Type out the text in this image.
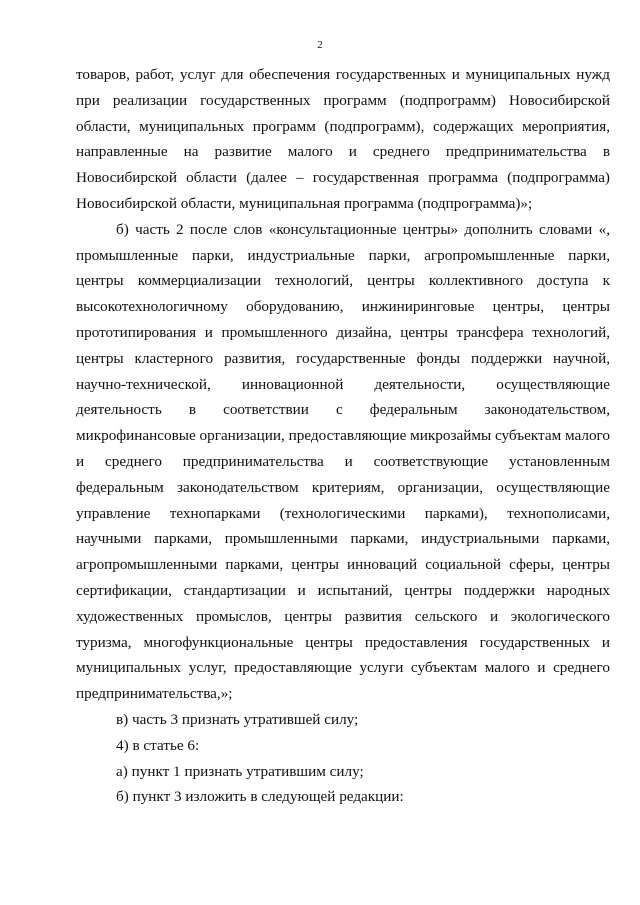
2

товаров, работ, услуг для обеспечения государственных и муниципальных нужд при реализации государственных программ (подпрограмм) Новосибирской области, муниципальных программ (подпрограмм), содержащих мероприятия, направленные на развитие малого и среднего предпринимательства в Новосибирской области (далее – государственная программа (подпрограмма) Новосибирской области, муниципальная программа (подпрограмма)»;

б) часть 2 после слов «консультационные центры» дополнить словами «, промышленные парки, индустриальные парки, агропромышленные парки, центры коммерциализации технологий, центры коллективного доступа к высокотехнологичному оборудованию, инжиниринговые центры, центры прототипирования и промышленного дизайна, центры трансфера технологий, центры кластерного развития, государственные фонды поддержки научной, научно-технической, инновационной деятельности, осуществляющие деятельность в соответствии с федеральным законодательством, микрофинансовые организации, предоставляющие микрозаймы субъектам малого и среднего предпринимательства и соответствующие установленным федеральным законодательством критериям, организации, осуществляющие управление технопарками (технологическими парками), технополисами, научными парками, промышленными парками, индустриальными парками, агропромышленными парками, центры инноваций социальной сферы, центры сертификации, стандартизации и испытаний, центры поддержки народных художественных промыслов, центры развития сельского и экологического туризма, многофункциональные центры предоставления государственных и муниципальных услуг, предоставляющие услуги субъектам малого и среднего предпринимательства,»;

в) часть 3 признать утратившей силу;

4) в статье 6:

а) пункт 1 признать утратившим силу;

б) пункт 3 изложить в следующей редакции:
